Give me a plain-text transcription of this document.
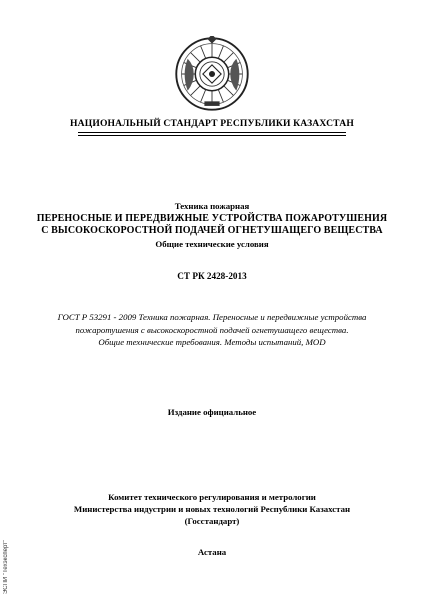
НАЦИОНАЛЬНЫЙ СТАНДАРТ РЕСПУБЛИКИ КАЗАХСТАН
Техника пожарная
ПЕРЕНОСНЫЕ И ПЕРЕДВИЖНЫЕ УСТРОЙСТВА ПОЖАРОТУШЕНИЯ
С ВЫСОКОСКОРОСТНОЙ ПОДАЧЕЙ ОГНЕТУШАЩЕГО ВЕЩЕСТВА
Общие технические условия
СТ РК 2428-2013
ГОСТ Р 53291 - 2009 Техника пожарная. Переносные и передвижные устройства
пожаротушения с высокоскоростной подачей огнетушащего вещества.
Общие технические требования. Методы испытаний, MOD
Издание официальное
Комитет технического регулирования и метрологии
Министерства индустрии и новых технологий Республики Казахстан
(Госстандарт)
Астана
ЭСПИ "Техэксперт"
